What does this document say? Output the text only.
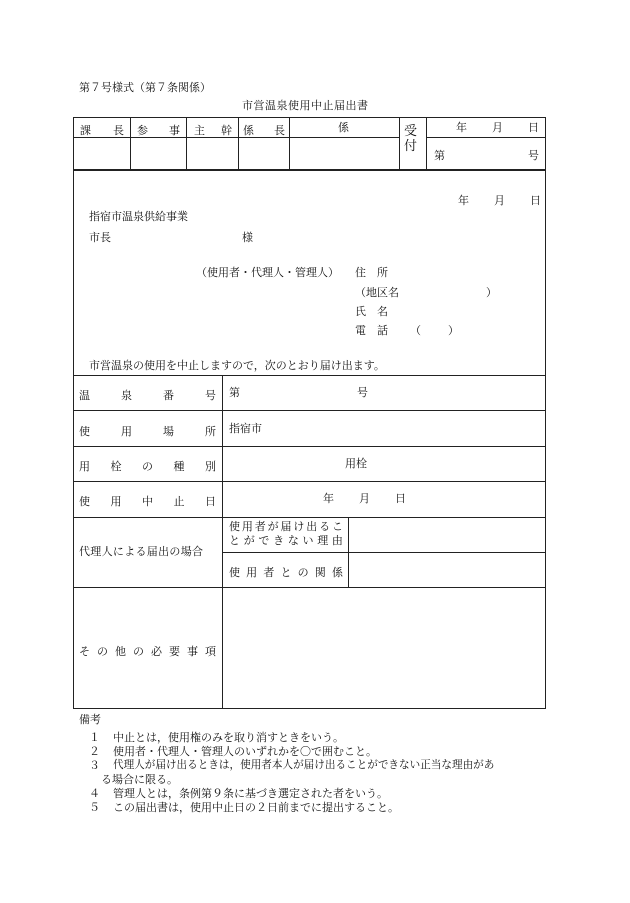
第７号様式（第７条関係）
市営温泉使用中止届出書
課 長 参 事 主 幹 係 長	係	受付
年 月 日
第	号
年 月 日
指宿市温泉供給事業
市長	様
（使用者・代理人・管理人） 住　所
（地区名	）
氏　名
電　話 （ ）
市営温泉の使用を中止しますので，次のとおり届け出ます。
温	泉	番	号 第	号
使	用	場	所 指宿市
用 栓 の 種 別	用栓
使 用 中 止 日	年 月 日
代理人による届出の場合
使 用 者 が 届 け 出 る こ
と が で き な い 理 由
使 用 者 と の 関 係
そ の 他 の 必 要 事 項
備考
１ 中止とは，使用権のみを取り消すときをいう。
２ 使用者・代理人・管理人のいずれかを〇で囲むこと。
３ 代理人が届け出るときは，使用者本人が届け出ることができない正当な理由があ
る場合に限る。
４ 管理人とは，条例第９条に基づき選定された者をいう。
５ この届出書は，使用中止日の２日前までに提出すること。
